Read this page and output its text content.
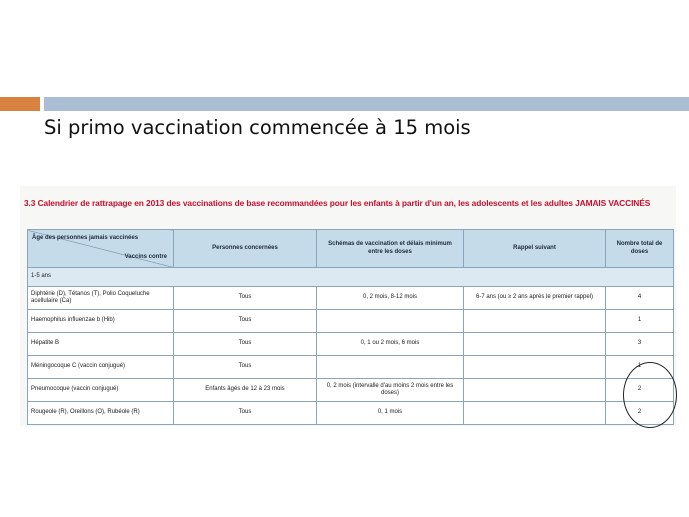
Si primo vaccination commencée à 15 mois
3.3 Calendrier de rattrapage en 2013 des vaccinations de base recommandées pour les enfants à partir d'un an, les adolescents et les adultes JAMAIS VACCINÉS
Âge des personnes jamais vaccinées
Vaccins contre	Personnes concernées	Schémas de vaccination et délais minimum entre les doses	Rappel suivant	Nombre total de doses
1-5 ans				
Diphtérie (D), Tétanos (T), Polio Coqueluche acellulaire (Ca)	Tous	0, 2 mois, 8-12 mois	6-7 ans (ou ≥ 2 ans après le premier rappel)	4
Haemophilus influenzae b (Hib)	Tous			1
Hépatite B	Tous	0, 1 ou 2 mois, 6 mois		3
Méningocoque C (vaccin conjugué)	Tous			1
Pneumocoque (vaccin conjugué)	Enfants âgés de 12 à 23 mois	0, 2 mois (intervalle d'au moins 2 mois entre les doses)		2
Rougeole (R), Oreillons (O), Rubéole (R)	Tous	0, 1 mois		2
